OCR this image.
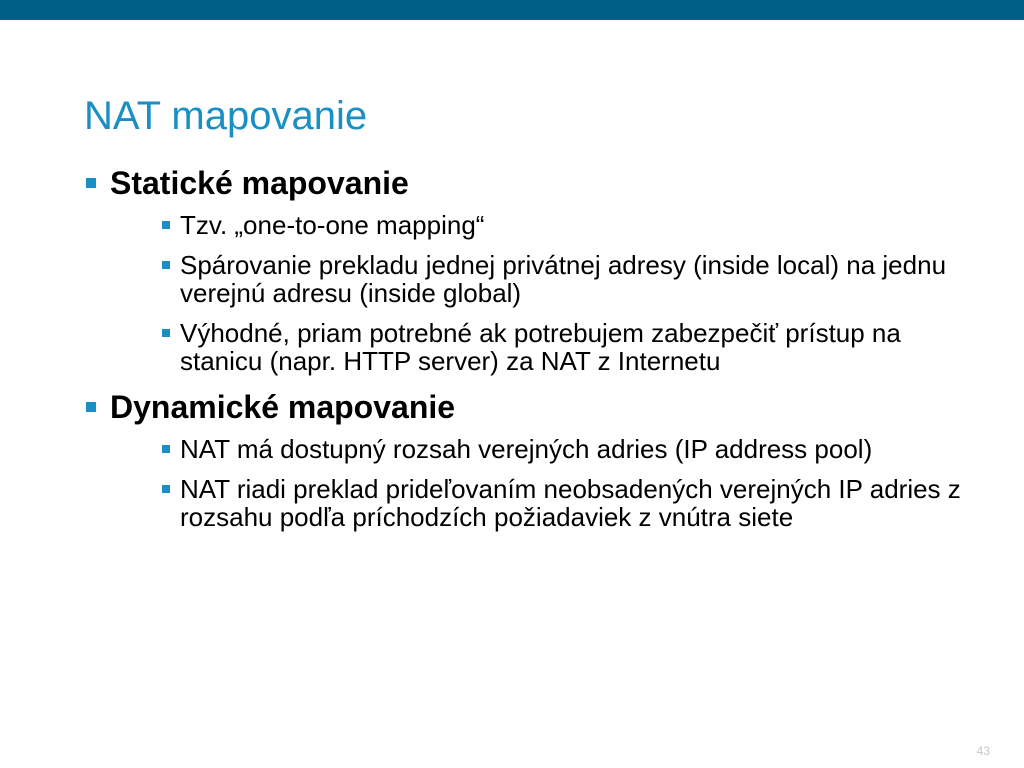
NAT mapovanie
Statické mapovanie
Tzv. „one-to-one mapping“
Spárovanie prekladu jednej privátnej adresy (inside local) na jednu verejnú adresu (inside global)
Výhodné, priam potrebné ak potrebujem zabezpečiť prístup na stanicu (napr. HTTP server) za NAT z Internetu
Dynamické mapovanie
NAT má dostupný rozsah verejných adries (IP address pool)
NAT riadi preklad prideľovaním neobsadených verejných IP adries z rozsahu podľa príchodzích požiadaviek z vnútra siete
43
